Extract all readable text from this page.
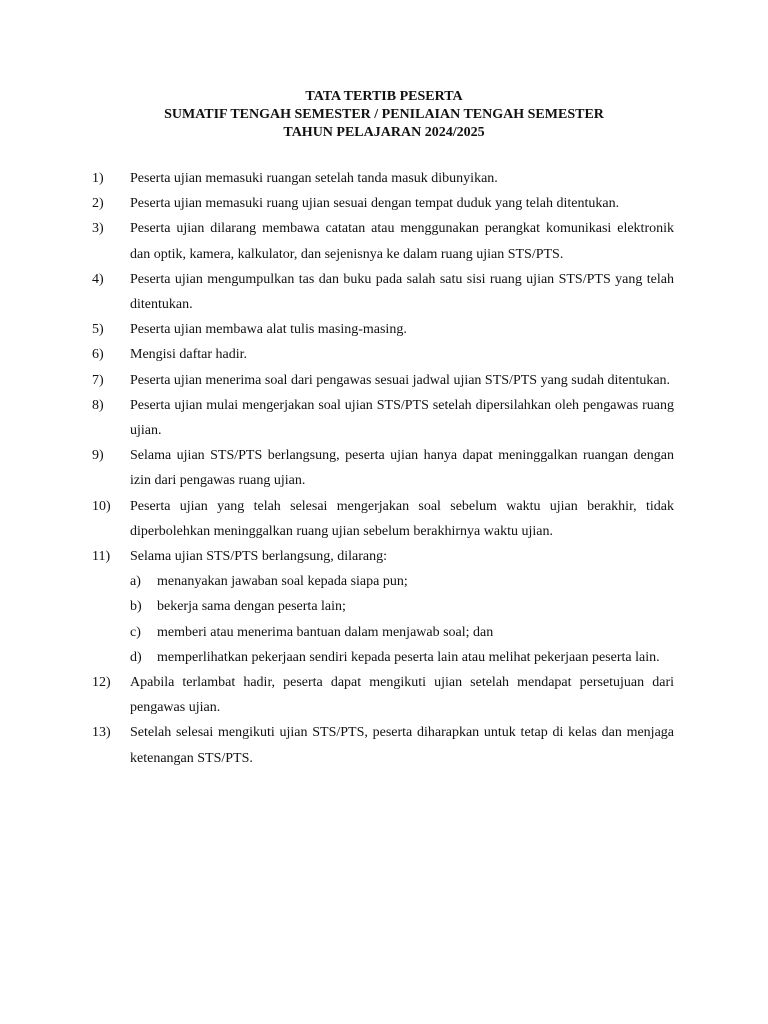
TATA TERTIB PESERTA
SUMATIF TENGAH SEMESTER / PENILAIAN TENGAH SEMESTER
TAHUN PELAJARAN 2024/2025
1)	Peserta ujian memasuki ruangan setelah tanda masuk dibunyikan.
2)	Peserta ujian memasuki ruang ujian sesuai dengan tempat duduk yang telah ditentukan.
3)	Peserta ujian dilarang membawa catatan atau menggunakan perangkat komunikasi elektronik dan optik, kamera, kalkulator, dan sejenisnya ke dalam ruang ujian STS/PTS.
4)	Peserta ujian mengumpulkan tas dan buku pada salah satu sisi ruang ujian STS/PTS yang telah ditentukan.
5)	Peserta ujian membawa alat tulis masing-masing.
6)	Mengisi daftar hadir.
7)	Peserta ujian menerima soal dari pengawas sesuai jadwal ujian STS/PTS yang sudah ditentukan.
8)	Peserta ujian mulai mengerjakan soal ujian STS/PTS setelah dipersilahkan oleh pengawas ruang ujian.
9)	Selama ujian STS/PTS berlangsung, peserta ujian hanya dapat meninggalkan ruangan dengan izin dari pengawas ruang ujian.
10)	Peserta ujian yang telah selesai mengerjakan soal sebelum waktu ujian berakhir, tidak diperbolehkan meninggalkan ruang ujian sebelum berakhirnya waktu ujian.
11)	Selama ujian STS/PTS berlangsung, dilarang:
a)	menanyakan jawaban soal kepada siapa pun;
b)	bekerja sama dengan peserta lain;
c)	memberi atau menerima bantuan dalam menjawab soal; dan
d)	memperlihatkan pekerjaan sendiri kepada peserta lain atau melihat pekerjaan peserta lain.
12)	Apabila terlambat hadir, peserta dapat mengikuti ujian setelah mendapat persetujuan dari pengawas ujian.
13)	Setelah selesai mengikuti ujian STS/PTS, peserta diharapkan untuk tetap di kelas dan menjaga ketenangan STS/PTS.
